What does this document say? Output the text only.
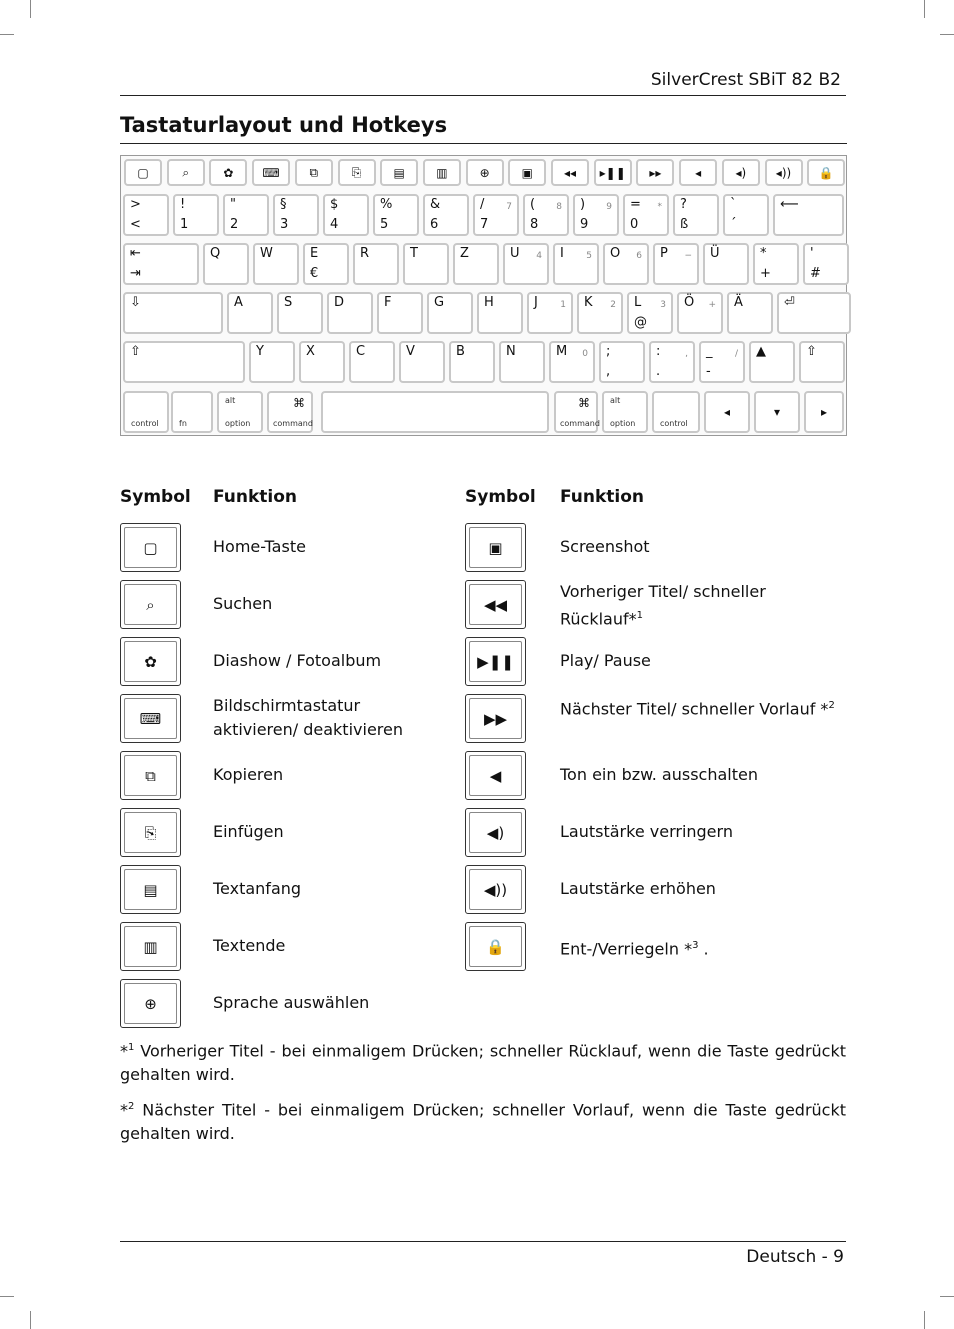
SilverCrest SBiT 82 B2
Tastaturlayout und Hotkeys
▢	⌕	✿	⌨	⧉	⎘	▤	▥	⊕	▣	◂◂	▸❚❚	▸▸	◂	◂)	◂))	🔒
>
<
!
1
"
2
§
3
$
4
%
5
&
6
/
7
7 (
8
8 )
9
9 =
0
* ?
ß
`
´
⟵
⇤
⇥
Q	W	E
€
R	T	Z	U 4 I 5 O 6 P − Ü	*
+
'
#
⇩	A	S	D	F	G	H	J 1 K 2 L
@
3 Ö + Ä	⏎
⇧	Y	X	C	V	B	N	M 0 ;
,
:
.
, _
-
/ ▲	⇧
control	fn
alt
option
⌘
command
⌘
command
alt
option	control
◂	▾	▸
Symbol Funktion	Symbol Funktion
▢	Home-Taste
⌕	Suchen
✿	Diashow / Fotoalbum
⌨
Bildschirmtastatur aktivieren/ deaktivieren
⧉	Kopieren
⎘	Einfügen
▤	Textanfang
▥	Textende
⊕	Sprache auswählen
▣	Screenshot
◀◀
Vorheriger Titel/ schneller Rücklauf*$^1$
▶❚❚	Play/ Pause
▶▶
Nächster Titel/ schneller Vorlauf *$^2$
◀	Ton ein bzw. ausschalten
◀)	Lautstärke verringern
◀))	Lautstärke erhöhen
🔒	Ent-/Verriegeln *$^3$ .
*$^1$ Vorheriger Titel - bei einmaligem Drücken; schneller Rücklauf, wenn die Taste gedrückt gehalten wird.
*$^2$ Nächster Titel - bei einmaligem Drücken; schneller Vorlauf, wenn die Taste gedrückt gehalten wird.
Deutsch - 9
